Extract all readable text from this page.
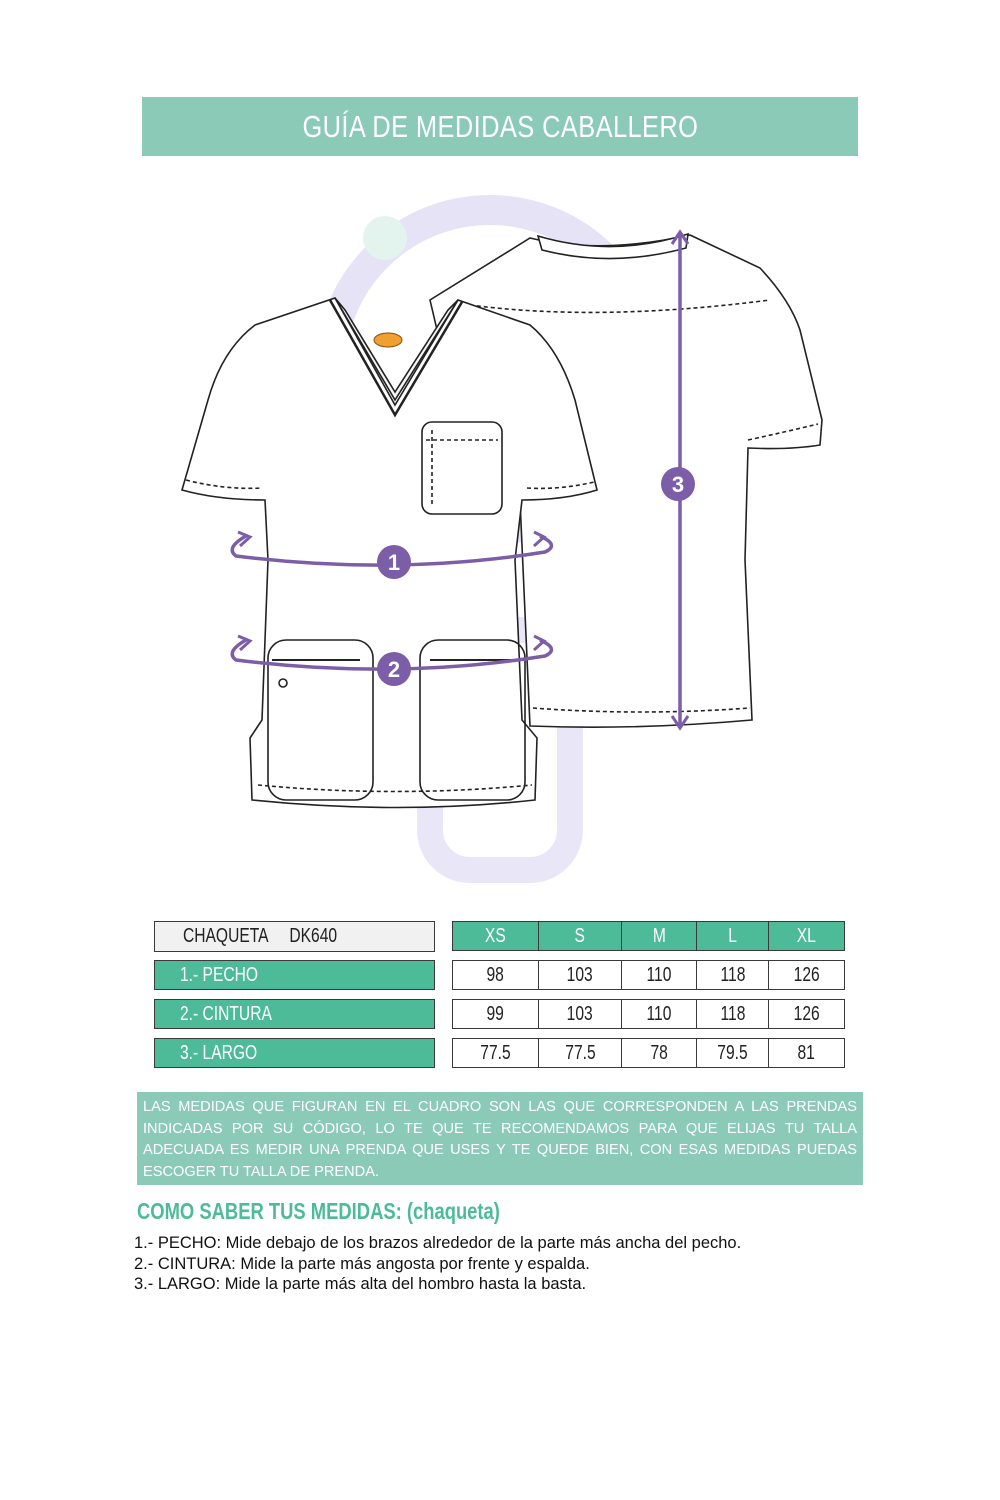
GUÍA DE MEDIDAS CABALLERO
1
2
3
CHAQUETA DK640	XS	S	M	L	XL
1.- PECHO	98	103	110 118 126
2.- CINTURA	99	103	110 118 126
3.- LARGO	77.5	77.5	78 79.5	81
LAS MEDIDAS QUE FIGURAN EN EL CUADRO SON LAS QUE CORRESPONDEN A LAS PRENDAS INDICADAS POR SU CÓDIGO, LO TE QUE TE RECOMENDAMOS PARA QUE ELIJAS TU TALLA ADECUADA ES MEDIR UNA PRENDA QUE USES Y TE QUEDE BIEN, CON ESAS MEDIDAS PUEDAS ESCOGER TU TALLA DE PRENDA.
COMO SABER TUS MEDIDAS: (chaqueta)
1.- PECHO: Mide debajo de los brazos alrededor de la parte más ancha del pecho.
2.- CINTURA: Mide la parte más angosta por frente y espalda.
3.- LARGO: Mide la parte más alta del hombro hasta la basta.
